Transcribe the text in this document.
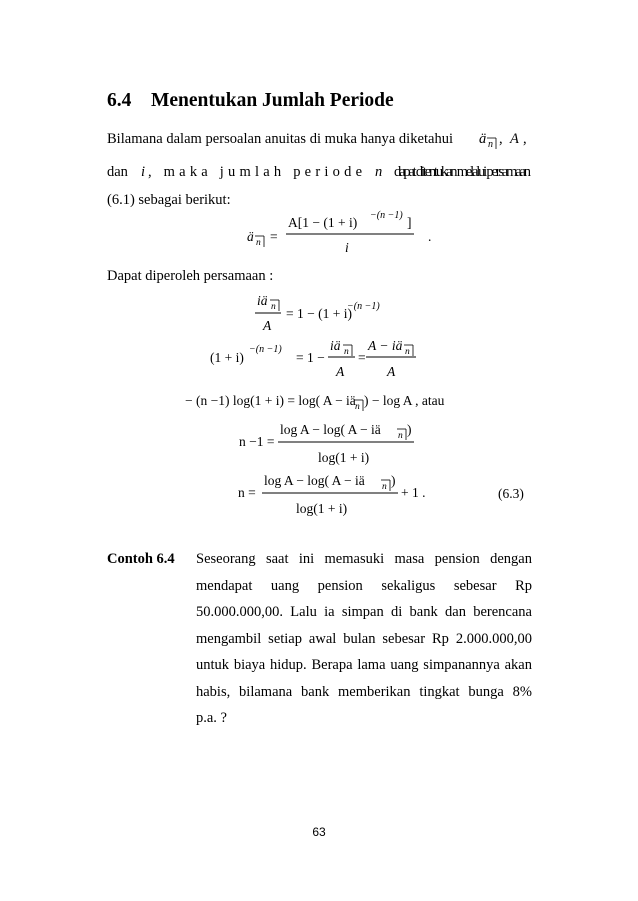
6.4 Menentukan Jumlah Periode
Bilamana dalam persoalan anuitas di muka hanya diketahui ä n , A ,
dan i , maka jumlah periode n dapat ditentukan melalui persamaan
(6.1) sebagai berikut:
ä n =
A[1 − (1 + i) −(n −1) ]
i
.
iä n
A
= 1 − (1 + i)
−(n −1)
(1 + i)
−(n −1)
= 1 −
iä n
A
=
A − iä n
A
− (n −1) log(1 + i) = log( A − iä n ) − log A , atau
n −1 =
log A − log( A − iä n )
log(1 + i)
n =
log A − log( A − iä n )
log(1 + i)
+ 1 .
Dapat diperoleh persamaan :
(6.3)
Contoh 6.4 Seseorang saat ini memasuki masa pension dengan
mendapat uang pension sekaligus sebesar Rp
50.000.000,00. Lalu ia simpan di bank dan berencana
mengambil setiap awal bulan sebesar Rp 2.000.000,00
untuk biaya hidup. Berapa lama uang simpanannya akan
habis, bilamana bank memberikan tingkat bunga 8%
p.a. ?
63
